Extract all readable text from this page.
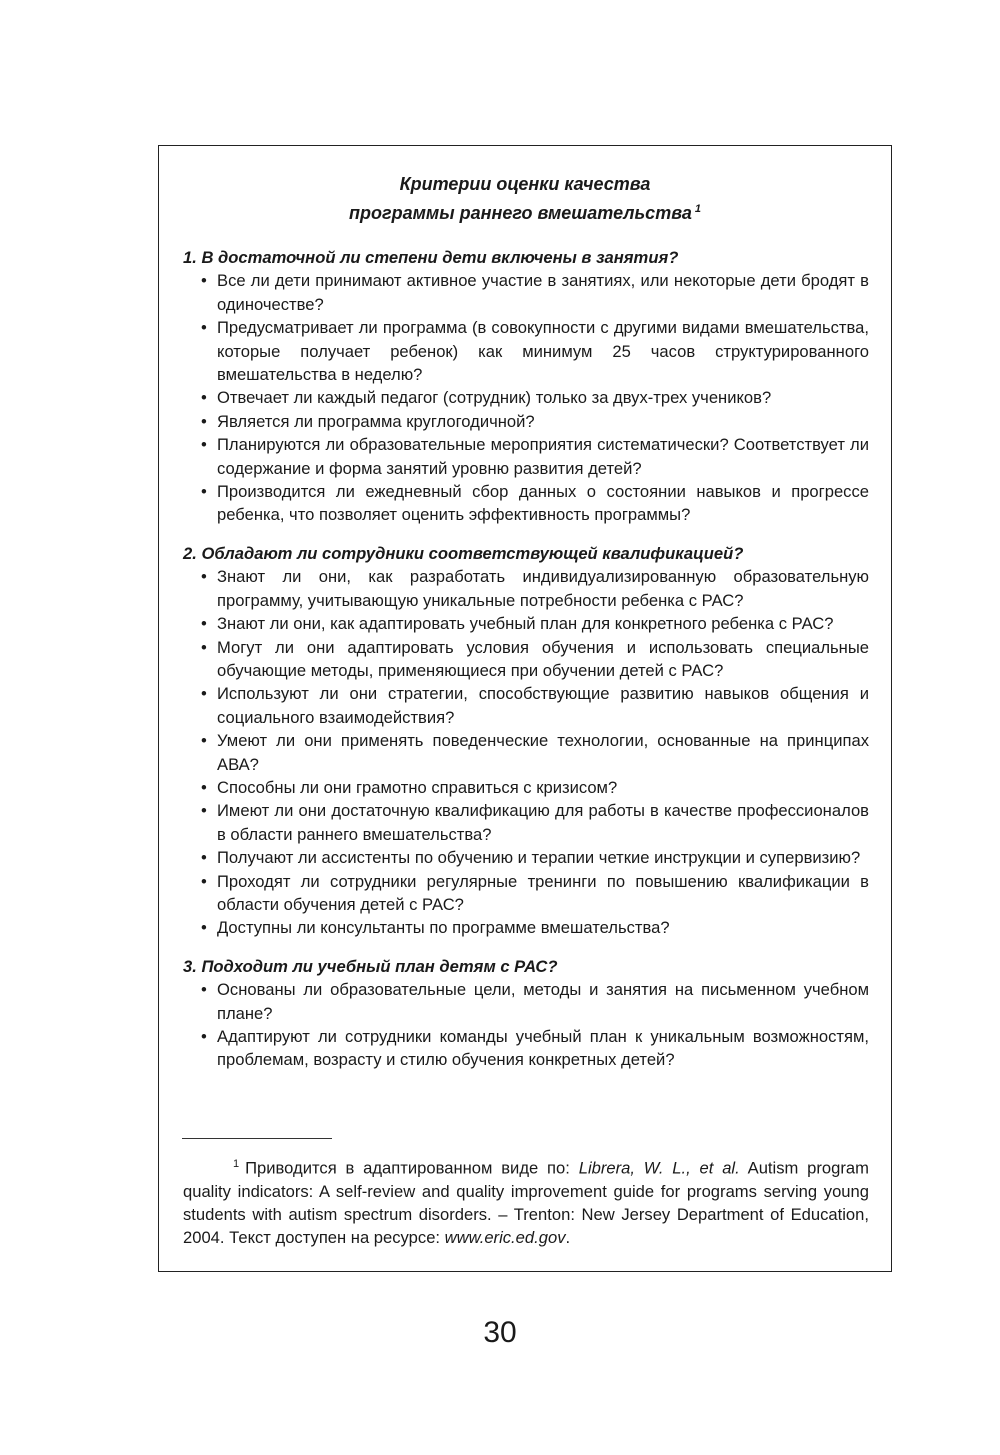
Критерии оценки качества
программы раннего вмешательства $^1$

1. В достаточной ли степени дети включены в занятия?

• Все ли дети принимают активное участие в занятиях, или некоторые дети бродят в одиночестве?
• Предусматривает ли программа (в совокупности с другими видами вмешательства, которые получает ребенок) как минимум 25 часов структурированного вмешательства в неделю?
• Отвечает ли каждый педагог (сотрудник) только за двух-трех учеников?
• Является ли программа круглогодичной?
• Планируются ли образовательные мероприятия систематически? Соответствует ли содержание и форма занятий уровню развития детей?
• Производится ли ежедневный сбор данных о состоянии навыков и прогрессе ребенка, что позволяет оценить эффективность программы?

2. Обладают ли сотрудники соответствующей квалификацией?

• Знают ли они, как разработать индивидуализированную образовательную программу, учитывающую уникальные потребности ребенка с РАС?
• Знают ли они, как адаптировать учебный план для конкретного ребенка с РАС?
• Могут ли они адаптировать условия обучения и использовать специальные обучающие методы, применяющиеся при обучении детей с РАС?
• Используют ли они стратегии, способствующие развитию навыков общения и социального взаимодействия?
• Умеют ли они применять поведенческие технологии, основанные на принципах АВА?
• Способны ли они грамотно справиться с кризисом?
• Имеют ли они достаточную квалификацию для работы в качестве профессионалов в области раннего вмешательства?
• Получают ли ассистенты по обучению и терапии четкие инструкции и супервизию?
• Проходят ли сотрудники регулярные тренинги по повышению квалификации в области обучения детей с РАС?
• Доступны ли консультанты по программе вмешательства?

3. Подходит ли учебный план детям с РАС?

• Основаны ли образовательные цели, методы и занятия на письменном учебном плане?
• Адаптируют ли сотрудники команды учебный план к уникальным возможностям, проблемам, возрасту и стилю обучения конкретных детей?
$^1$ Приводится в адаптированном виде по: Librera, W. L., et al. Autism program quality indicators: A self-review and quality improvement guide for programs serving young students with autism spectrum disorders. – Trenton: New Jersey Department of Education, 2004. Текст доступен на ресурсе: www.eric.ed.gov.
30
